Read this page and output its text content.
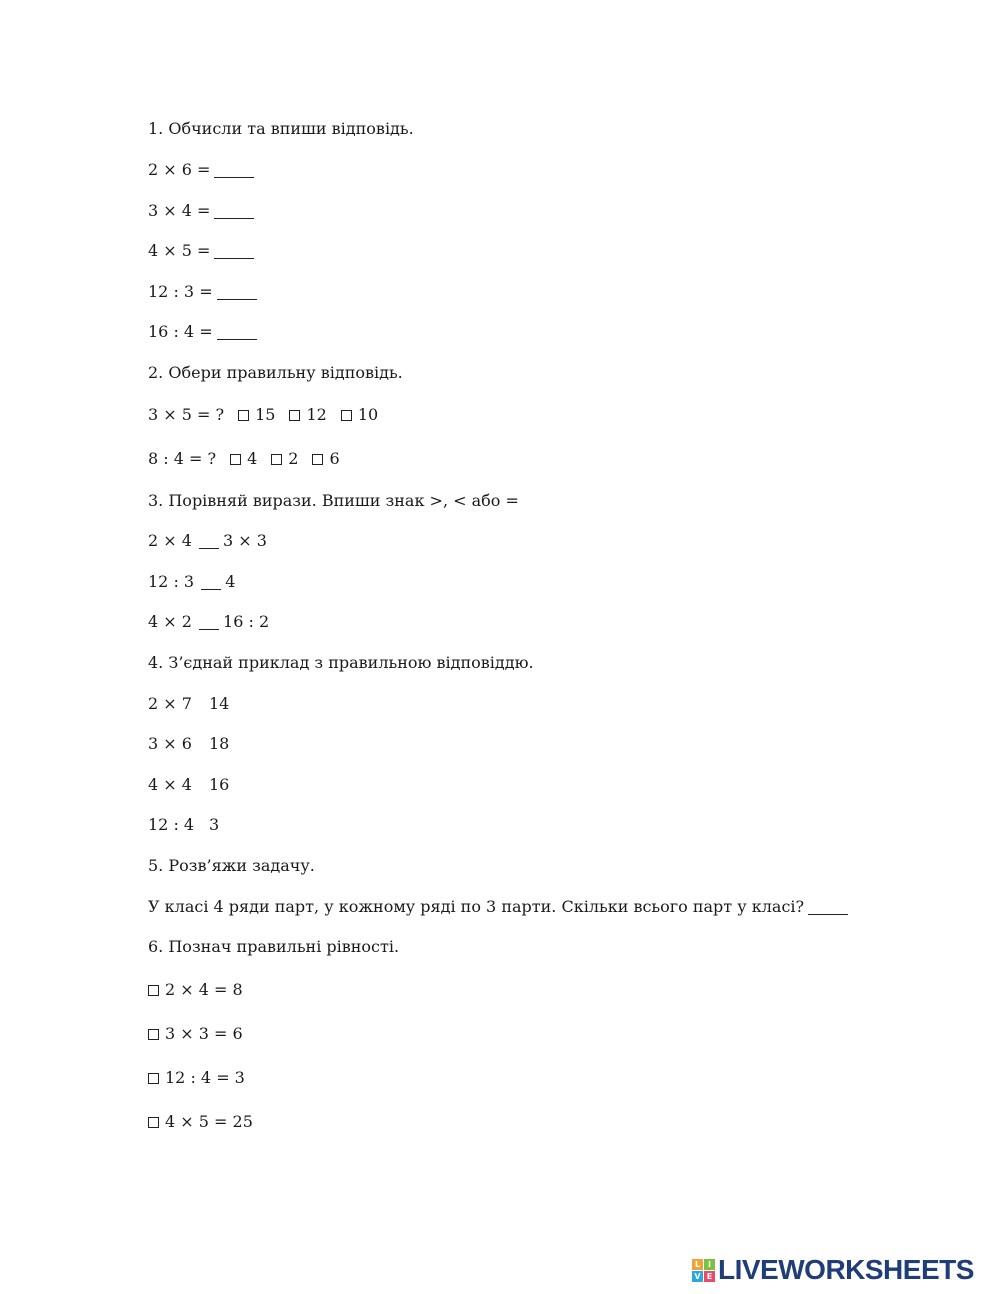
1. Обчисли та впиши відповідь.
2 × 6 =
3 × 4 =
4 × 5 =
12 : 3 =
16 : 4 =
2. Обери правильну відповідь.
3 × 5 = ? 15 12 10
8 : 4 = ? 4 2 6
3. Порівняй вирази. Впиши знак >, < або =
2 × 4 3 × 3
12 : 3 4
4 × 2 16 : 2
4. З’єднай приклад з правильною відповіддю.
2 × 7 14
3 × 6 18
4 × 4 16
12 : 4 3
5. Розв’яжи задачу.
У класі 4 ряди парт, у кожному ряді по 3 парти. Скільки всього парт у класі?
6. Познач правильні рівності.
2 × 4 = 8
3 × 3 = 6
12 : 4 = 3
4 × 5 = 25
L I
V E LIVEWORKSHEETS
